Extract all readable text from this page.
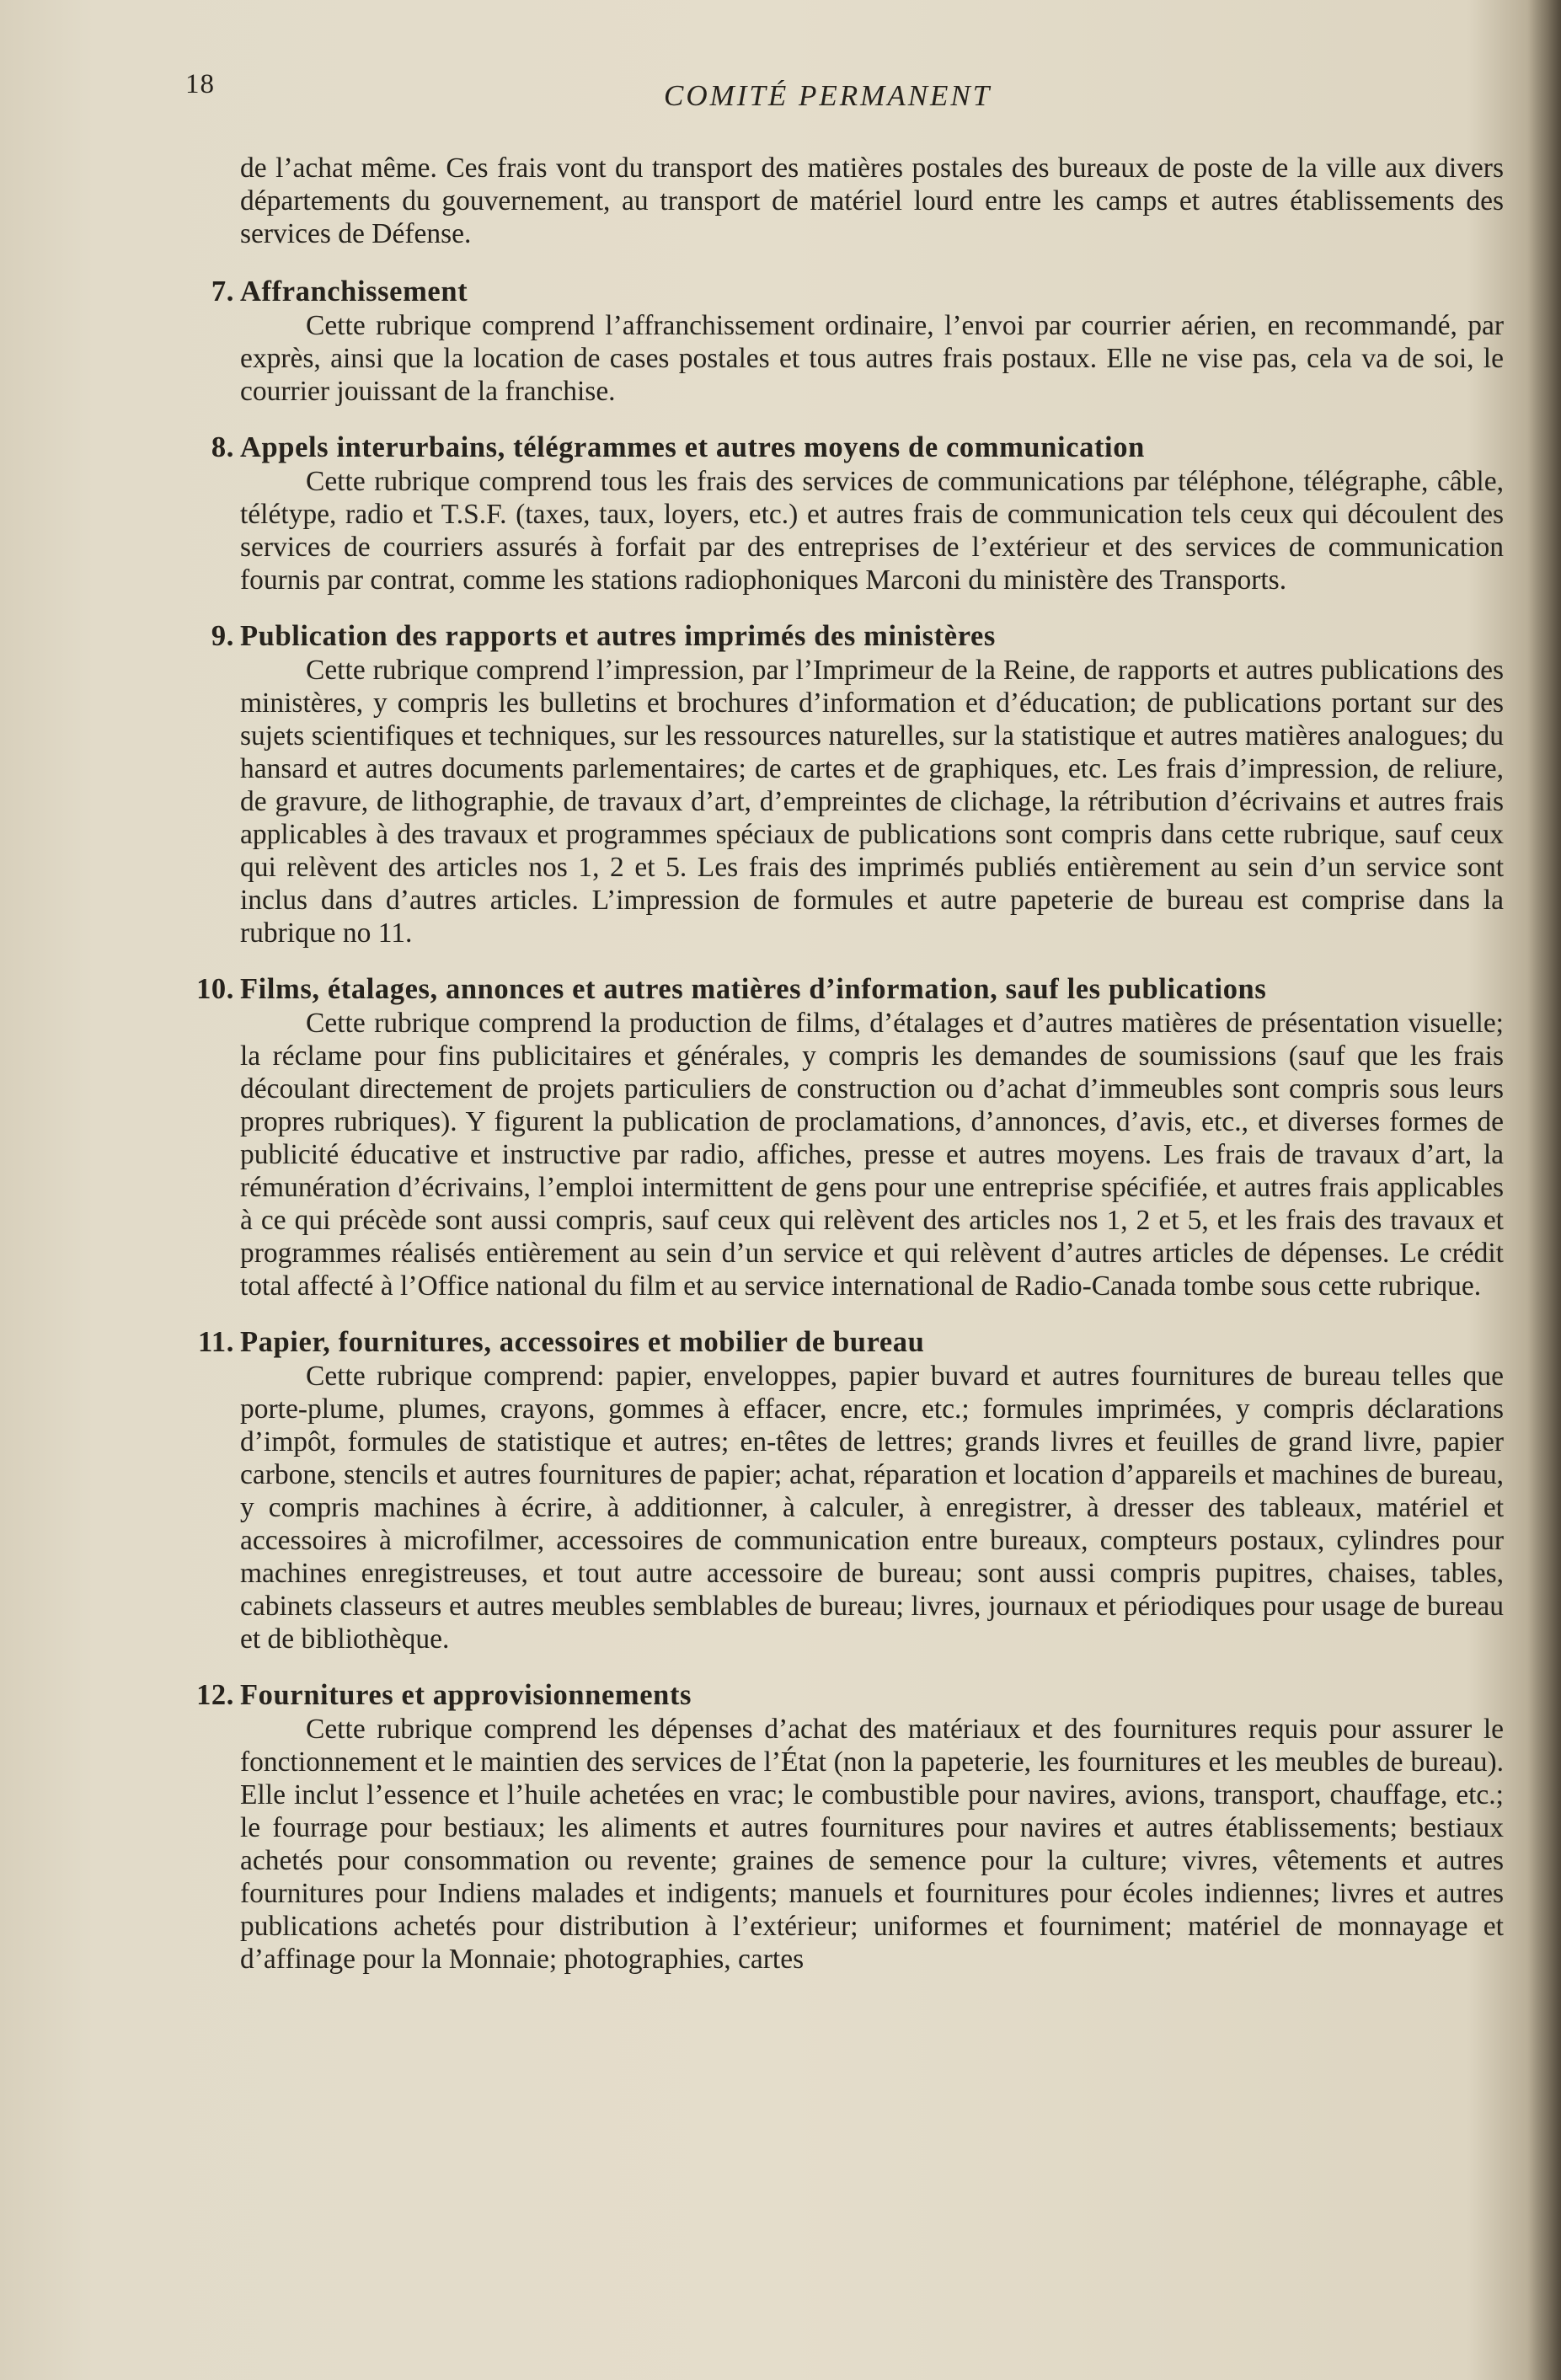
18	COMITÉ PERMANENT

de l’achat même. Ces frais vont du transport des matières postales des bureaux de poste de la ville aux divers départements du gouvernement, au transport de matériel lourd entre les camps et autres établissements des services de Défense.

7. Affranchissement

Cette rubrique comprend l’affranchissement ordinaire, l’envoi par courrier aérien, en recommandé, par exprès, ainsi que la location de cases postales et tous autres frais postaux. Elle ne vise pas, cela va de soi, le courrier jouissant de la franchise.

8. Appels interurbains, télégrammes et autres moyens de communication

Cette rubrique comprend tous les frais des services de communications par téléphone, télégraphe, câble, télétype, radio et T.S.F. (taxes, taux, loyers, etc.) et autres frais de communication tels ceux qui découlent des services de courriers assurés à forfait par des entreprises de l’extérieur et des services de communication fournis par contrat, comme les stations radiophoniques Marconi du ministère des Transports.

9. Publication des rapports et autres imprimés des ministères

Cette rubrique comprend l’impression, par l’Imprimeur de la Reine, de rapports et autres publications des ministères, y compris les bulletins et brochures d’information et d’éducation; de publications portant sur des sujets scientifiques et techniques, sur les ressources naturelles, sur la statistique et autres matières analogues; du hansard et autres documents parlementaires; de cartes et de graphiques, etc. Les frais d’impression, de reliure, de gravure, de lithographie, de travaux d’art, d’empreintes de clichage, la rétribution d’écrivains et autres frais applicables à des travaux et programmes spéciaux de publications sont compris dans cette rubrique, sauf ceux qui relèvent des articles nos 1, 2 et 5. Les frais des imprimés publiés entièrement au sein d’un service sont inclus dans d’autres articles. L’impression de formules et autre papeterie de bureau est comprise dans la rubrique no 11.

10. Films, étalages, annonces et autres matières d’information, sauf les publications

Cette rubrique comprend la production de films, d’étalages et d’autres matières de présentation visuelle; la réclame pour fins publicitaires et générales, y compris les demandes de soumissions (sauf que les frais découlant directement de projets particuliers de construction ou d’achat d’immeubles sont compris sous leurs propres rubriques). Y figurent la publication de proclamations, d’annonces, d’avis, etc., et diverses formes de publicité éducative et instructive par radio, affiches, presse et autres moyens. Les frais de travaux d’art, la rémunération d’écrivains, l’emploi intermittent de gens pour une entreprise spécifiée, et autres frais applicables à ce qui précède sont aussi compris, sauf ceux qui relèvent des articles nos 1, 2 et 5, et les frais des travaux et programmes réalisés entièrement au sein d’un service et qui relèvent d’autres articles de dépenses. Le crédit total affecté à l’Office national du film et au service international de Radio-Canada tombe sous cette rubrique.

11. Papier, fournitures, accessoires et mobilier de bureau

Cette rubrique comprend: papier, enveloppes, papier buvard et autres fournitures de bureau telles que porte-plume, plumes, crayons, gommes à effacer, encre, etc.; formules imprimées, y compris déclarations d’impôt, formules de statistique et autres; en-têtes de lettres; grands livres et feuilles de grand livre, papier carbone, stencils et autres fournitures de papier; achat, réparation et location d’appareils et machines de bureau, y compris machines à écrire, à additionner, à calculer, à enregistrer, à dresser des tableaux, matériel et accessoires à microfilmer, accessoires de communication entre bureaux, compteurs postaux, cylindres pour machines enregistreuses, et tout autre accessoire de bureau; sont aussi compris pupitres, chaises, tables, cabinets classeurs et autres meubles semblables de bureau; livres, journaux et périodiques pour usage de bureau et de bibliothèque.

12. Fournitures et approvisionnements

Cette rubrique comprend les dépenses d’achat des matériaux et des fournitures requis pour assurer le fonctionnement et le maintien des services de l’État (non la papeterie, les fournitures et les meubles de bureau). Elle inclut l’essence et l’huile achetées en vrac; le combustible pour navires, avions, transport, chauffage, etc.; le fourrage pour bestiaux; les aliments et autres fournitures pour navires et autres établissements; bestiaux achetés pour consommation ou revente; graines de semence pour la culture; vivres, vêtements et autres fournitures pour Indiens malades et indigents; manuels et fournitures pour écoles indiennes; livres et autres publications achetés pour distribution à l’extérieur; uniformes et fourniment; matériel de monnayage et d’affinage pour la Monnaie; photographies, cartes
